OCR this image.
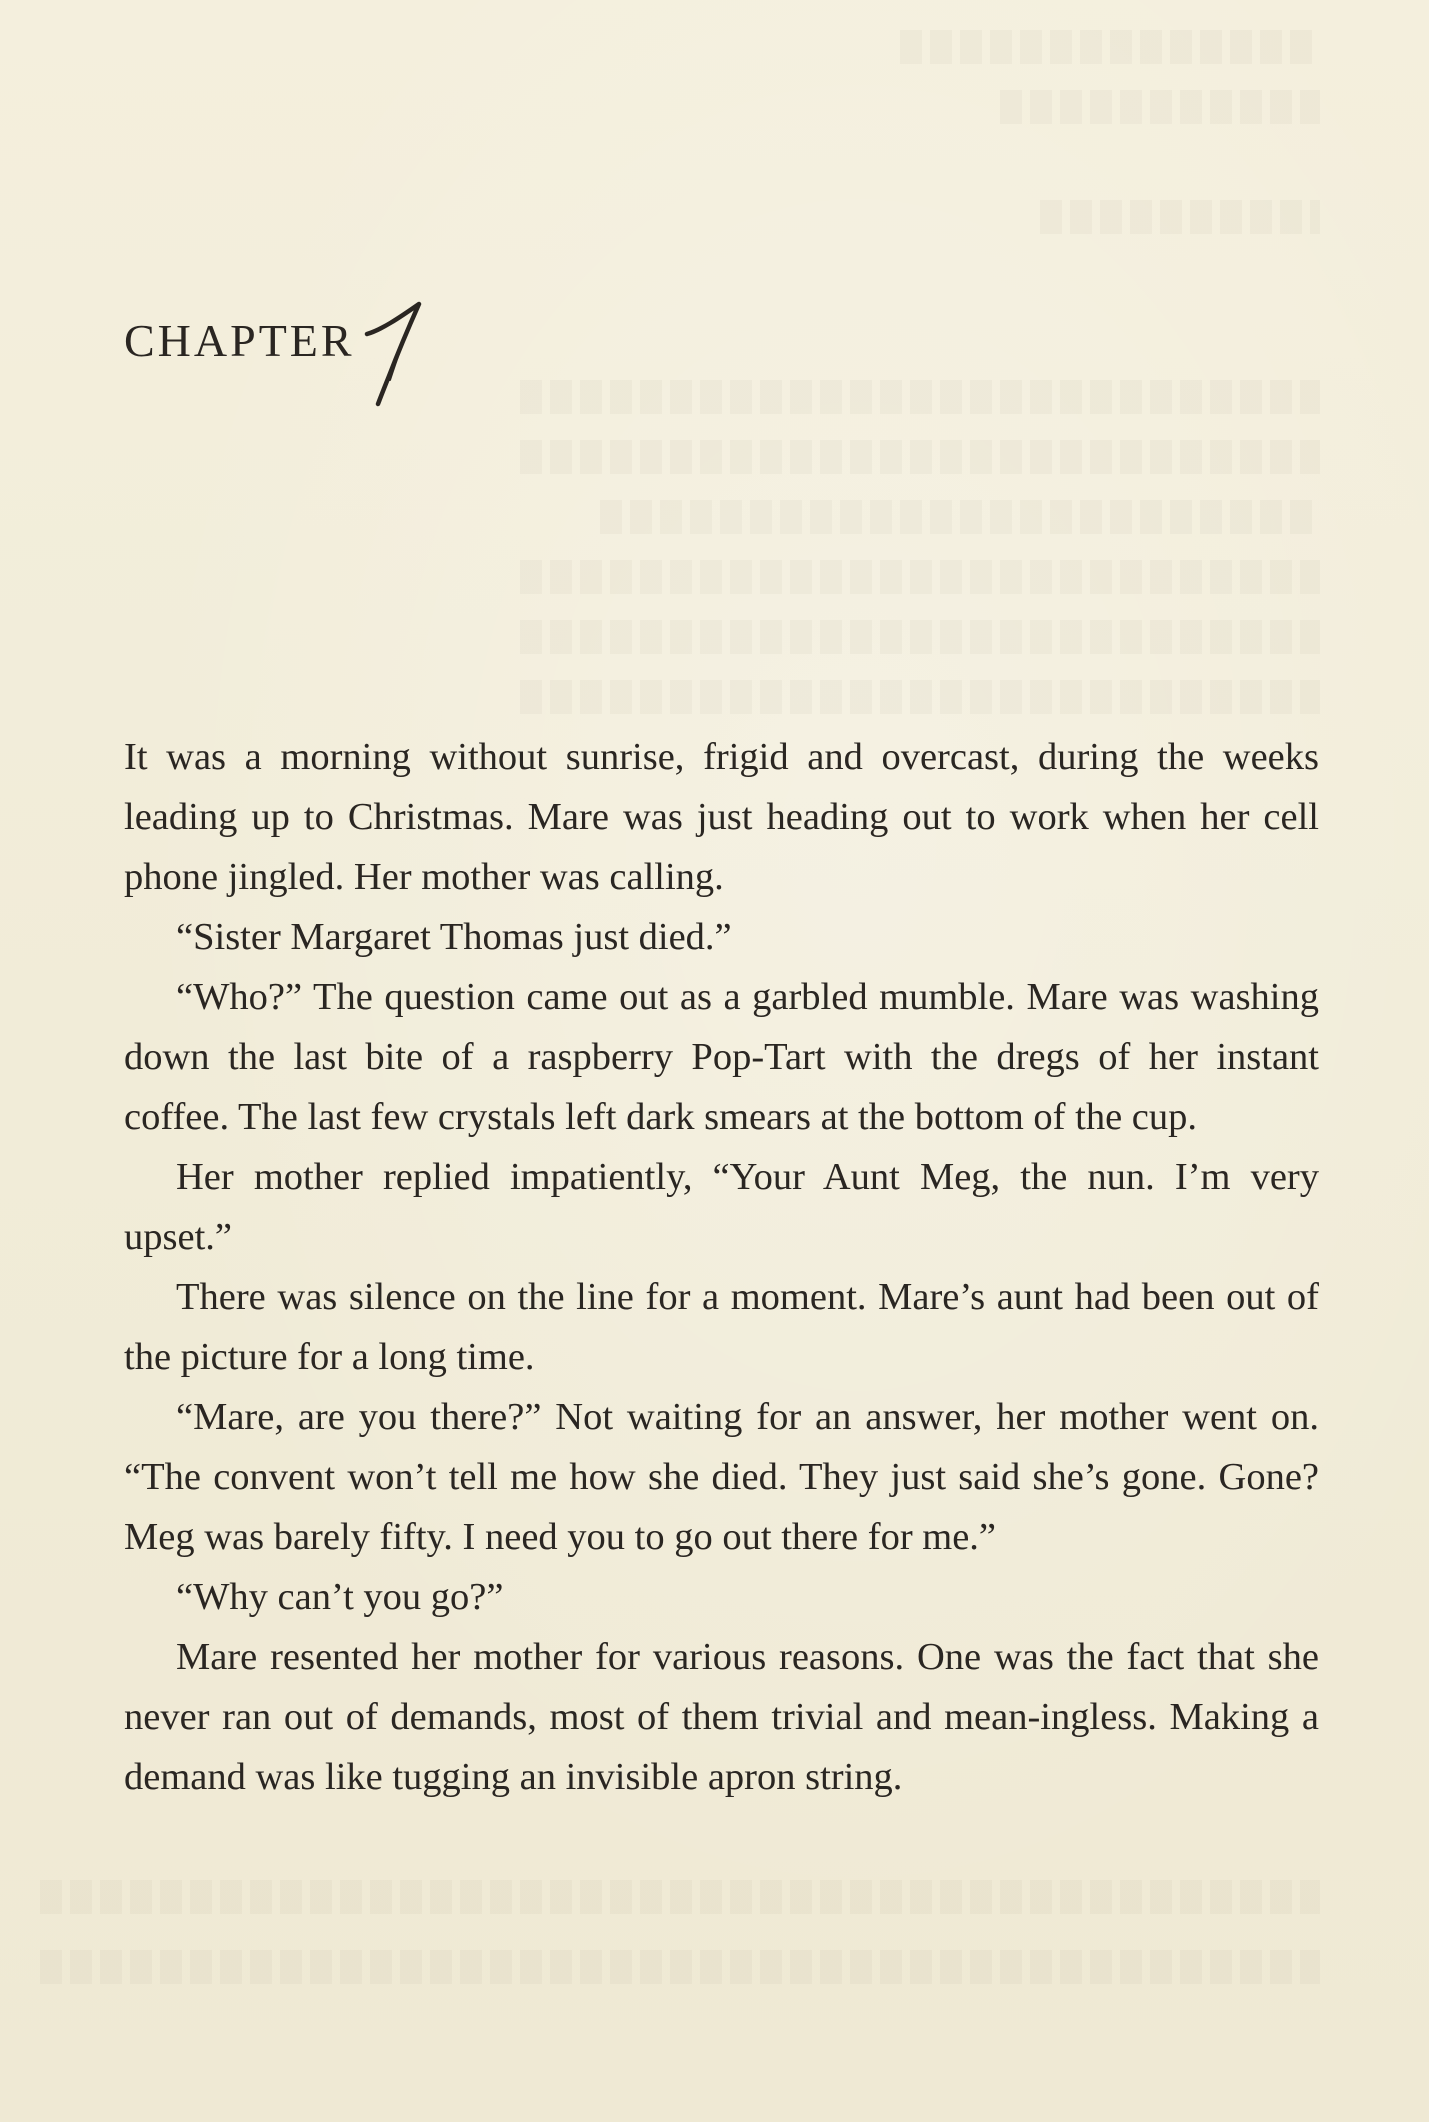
CHAPTER

It was a morning without sunrise, frigid and overcast, during the weeks leading up to Christmas. Mare was just heading out to work when her cell phone jingled. Her mother was calling.

“Sister Margaret Thomas just died.”

“Who?” The question came out as a garbled mumble. Mare was washing down the last bite of a raspberry Pop-Tart with the dregs of her instant coffee. The last few crystals left dark smears at the bottom of the cup.

Her mother replied impatiently, “Your Aunt Meg, the nun. I’m very upset.”

There was silence on the line for a moment. Mare’s aunt had been out of the picture for a long time.

“Mare, are you there?” Not waiting for an answer, her mother went on. “The convent won’t tell me how she died. They just said she’s gone. Gone? Meg was barely fifty. I need you to go out there for me.”

“Why can’t you go?”

Mare resented her mother for various reasons. One was the fact that she never ran out of demands, most of them trivial and mean-ingless. Making a demand was like tugging an invisible apron string.
